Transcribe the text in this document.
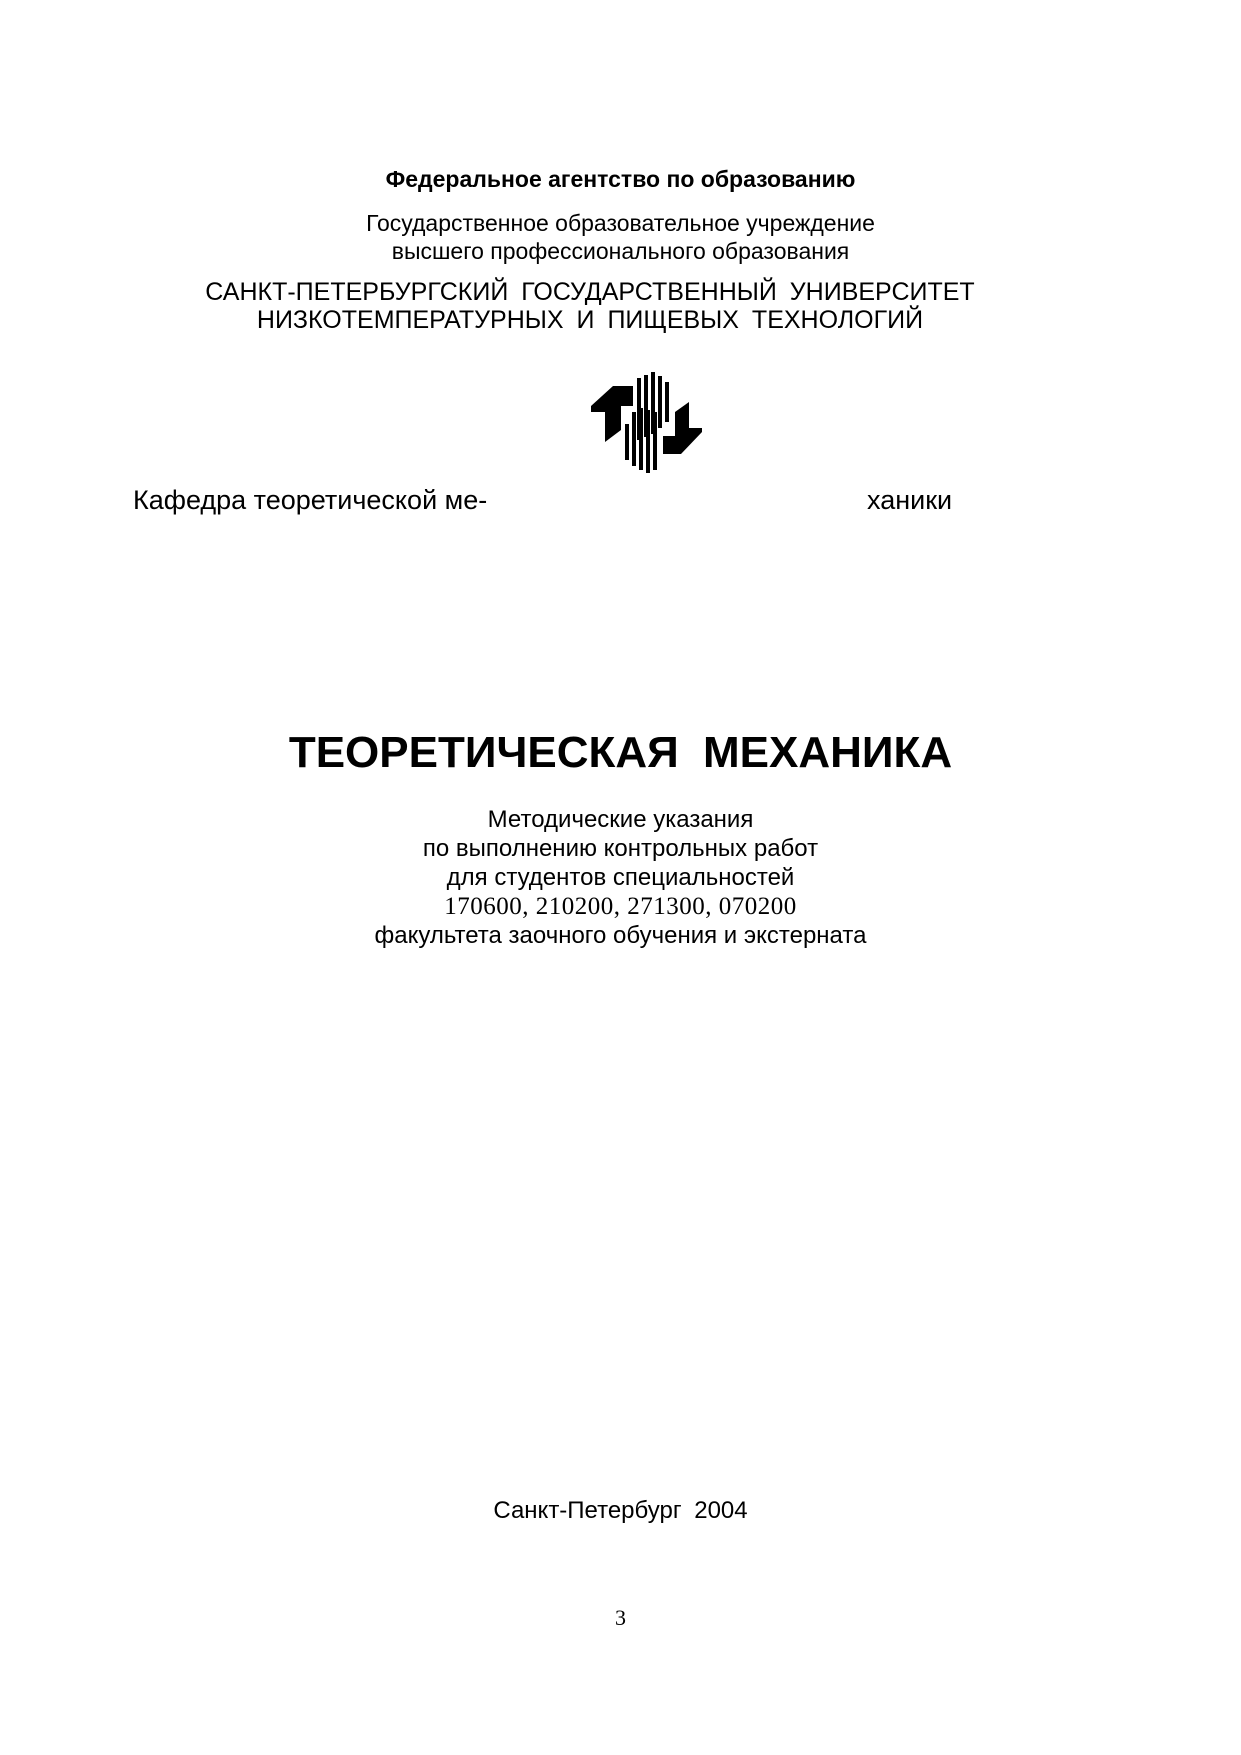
Федеральное агентство по образованию
Государственное образовательное учреждение
высшего профессионального образования
САНКТ-ПЕТЕРБУРГСКИЙ ГОСУДАРСТВЕННЫЙ УНИВЕРСИТЕТ
НИЗКОТЕМПЕРАТУРНЫХ И ПИЩЕВЫХ ТЕХНОЛОГИЙ
Кафедра теоретической ме-	ханики
ТЕОРЕТИЧЕСКАЯ МЕХАНИКА
Методические указания
по выполнению контрольных работ
для студентов специальностей
170600, 210200, 271300, 070200
факультета заочного обучения и экстерната
Санкт-Петербург 2004
3
